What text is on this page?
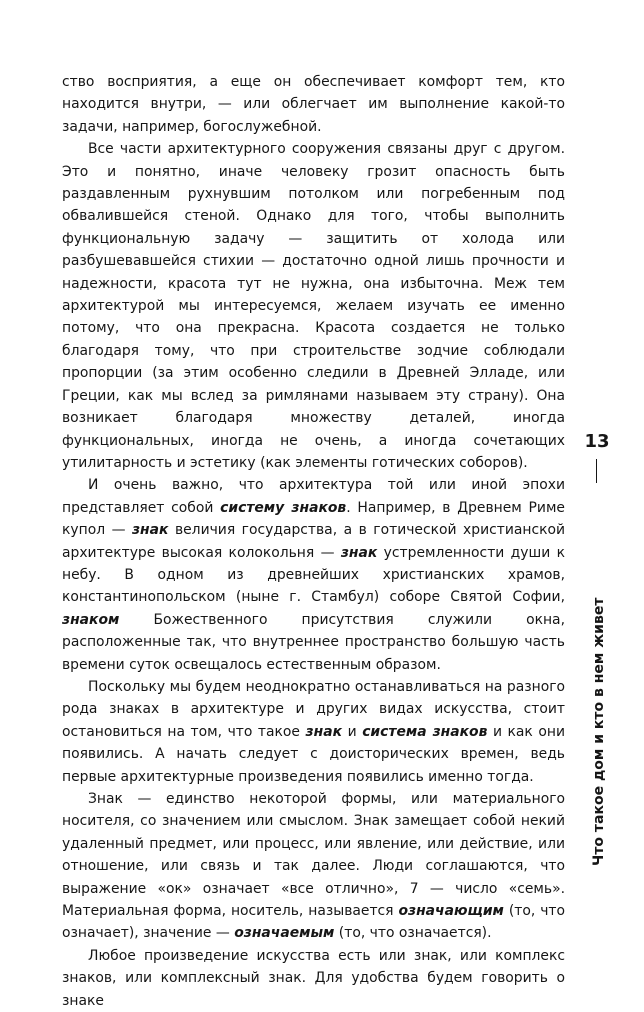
ство восприятия, а еще он обеспечивает комфорт тем, кто находится внутри, — или облегчает им выполнение какой-то задачи, например, богослужебной.

Все части архитектурного сооружения связаны друг с другом. Это и понятно, иначе человеку грозит опасность быть раздавленным рухнувшим потолком или погребенным под обвалившейся стеной. Однако для того, чтобы выполнить функциональную задачу — защитить от холода или разбушевавшейся стихии — достаточно одной лишь прочности и надежности, красота тут не нужна, она избыточна. Меж тем архитектурой мы интересуемся, желаем изучать ее именно потому, что она прекрасна. Красота создается не только благодаря тому, что при строительстве зодчие соблюдали пропорции (за этим особенно следили в Древней Элладе, или Греции, как мы вслед за римлянами называем эту страну). Она возникает благодаря множеству деталей, иногда функциональных, иногда не очень, а иногда сочетающих утилитарность и эстетику (как элементы готических соборов).

И очень важно, что архитектура той или иной эпохи представляет собой систему знаков. Например, в Древнем Риме купол — знак величия государства, а в готической христианской архитектуре высокая колокольня — знак устремленности души к небу. В одном из древнейших христианских храмов, константинопольском (ныне г. Стамбул) соборе Святой Софии, знаком Божественного присутствия служили окна, расположенные так, что внутреннее пространство большую часть времени суток освещалось естественным образом.

Поскольку мы будем неоднократно останавливаться на разного рода знаках в архитектуре и других видах искусства, стоит остановиться на том, что такое знак и система знаков и как они появились. А начать следует с доисторических времен, ведь первые архитектурные произведения появились именно тогда.

Знак — единство некоторой формы, или материального носителя, со значением или смыслом. Знак замещает собой некий удаленный предмет, или процесс, или явление, или действие, или отношение, или связь и так далее. Люди соглашаются, что выражение «ок» означает «все отлично», 7 — число «семь». Материальная форма, носитель, называется означающим (то, что означает), значение — означаемым (то, что означается).

Любое произведение искусства есть или знак, или комплекс знаков, или комплексный знак. Для удобства будем говорить о знаке

13
Что такое дом и кто в нем живет
